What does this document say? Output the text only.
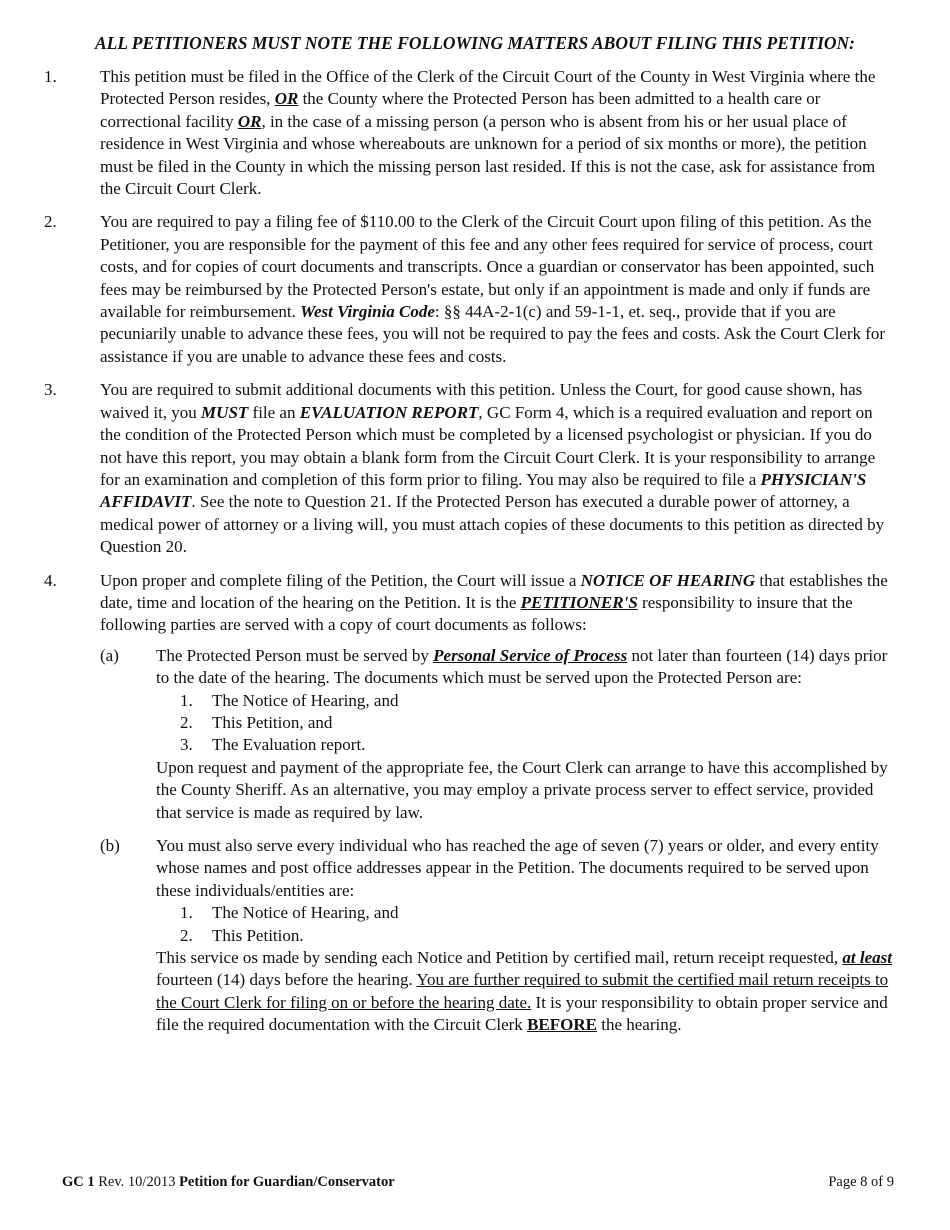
ALL PETITIONERS MUST NOTE THE FOLLOWING MATTERS ABOUT FILING THIS PETITION:
1.	This petition must be filed in the Office of the Clerk of the Circuit Court of the County in West Virginia where the Protected Person resides, OR the County where the Protected Person has been admitted to a health care or correctional facility OR, in the case of a missing person (a person who is absent from his or her usual place of residence in West Virginia and whose whereabouts are unknown for a period of six months or more), the petition must be filed in the County in which the missing person last resided. If this is not the case, ask for assistance from the Circuit Court Clerk.
2.	You are required to pay a filing fee of $110.00 to the Clerk of the Circuit Court upon filing of this petition. As the Petitioner, you are responsible for the payment of this fee and any other fees required for service of process, court costs, and for copies of court documents and transcripts. Once a guardian or conservator has been appointed, such fees may be reimbursed by the Protected Person's estate, but only if an appointment is made and only if funds are available for reimbursement. West Virginia Code: §§ 44A-2-1(c) and 59-1-1, et. seq., provide that if you are pecuniarily unable to advance these fees, you will not be required to pay the fees and costs. Ask the Court Clerk for assistance if you are unable to advance these fees and costs.
3.	You are required to submit additional documents with this petition. Unless the Court, for good cause shown, has waived it, you MUST file an EVALUATION REPORT, GC Form 4, which is a required evaluation and report on the condition of the Protected Person which must be completed by a licensed psychologist or physician. If you do not have this report, you may obtain a blank form from the Circuit Court Clerk. It is your responsibility to arrange for an examination and completion of this form prior to filing. You may also be required to file a PHYSICIAN'S AFFIDAVIT. See the note to Question 21. If the Protected Person has executed a durable power of attorney, a medical power of attorney or a living will, you must attach copies of these documents to this petition as directed by Question 20.
4.	Upon proper and complete filing of the Petition, the Court will issue a NOTICE OF HEARING that establishes the date, time and location of the hearing on the Petition. It is the PETITIONER'S responsibility to insure that the following parties are served with a copy of court documents as follows:
(a)	The Protected Person must be served by Personal Service of Process not later than fourteen (14) days prior to the date of the hearing. The documents which must be served upon the Protected Person are:
1.	The Notice of Hearing, and
2.	This Petition, and
3.	The Evaluation report.
Upon request and payment of the appropriate fee, the Court Clerk can arrange to have this accomplished by the County Sheriff. As an alternative, you may employ a private process server to effect service, provided that service is made as required by law.
(b)	You must also serve every individual who has reached the age of seven (7) years or older, and every entity whose names and post office addresses appear in the Petition. The documents required to be served upon these individuals/entities are:
1.	The Notice of Hearing, and
2.	This Petition.
This service os made by sending each Notice and Petition by certified mail, return receipt requested, at least fourteen (14) days before the hearing. You are further required to submit the certified mail return receipts to the Court Clerk for filing on or before the hearing date. It is your responsibility to obtain proper service and file the required documentation with the Circuit Clerk BEFORE the hearing.
GC 1 Rev. 10/2013 Petition for Guardian/Conservator	Page 8 of 9
